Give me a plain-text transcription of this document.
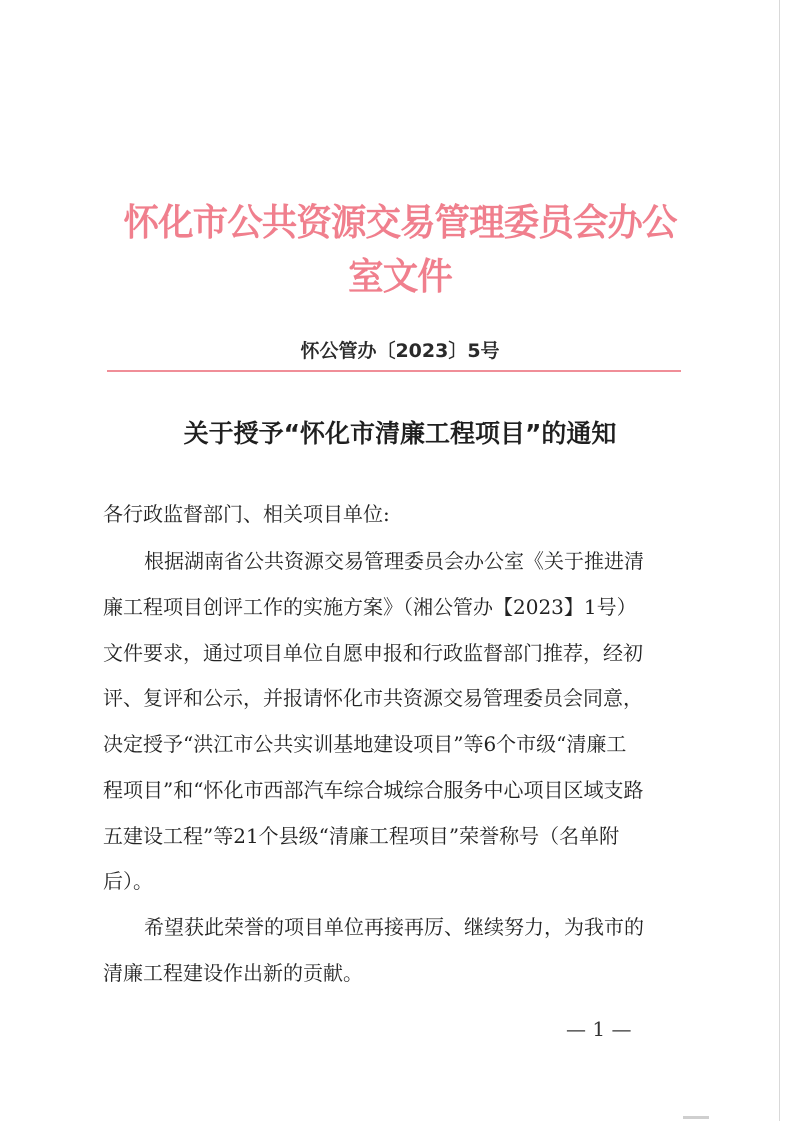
怀化市公共资源交易管理委员会办公室文件
怀公管办〔2023〕5号
关于授予“怀化市清廉工程项目”的通知
各行政监督部门、相关项目单位:
根据湖南省公共资源交易管理委员会办公室《关于推进清
廉工程项目创评工作的实施方案》（湘公管办【2023】1号）
文件要求，通过项目单位自愿申报和行政监督部门推荐，经初
评、复评和公示，并报请怀化市共资源交易管理委员会同意，
决定授予“洪江市公共实训基地建设项目”等6个市级“清廉工
程项目”和“怀化市西部汽车综合城综合服务中心项目区域支路
五建设工程”等21个县级“清廉工程项目”荣誉称号（名单附
后）。
希望获此荣誉的项目单位再接再厉、继续努力，为我市的
清廉工程建设作出新的贡献。
— 1 —
